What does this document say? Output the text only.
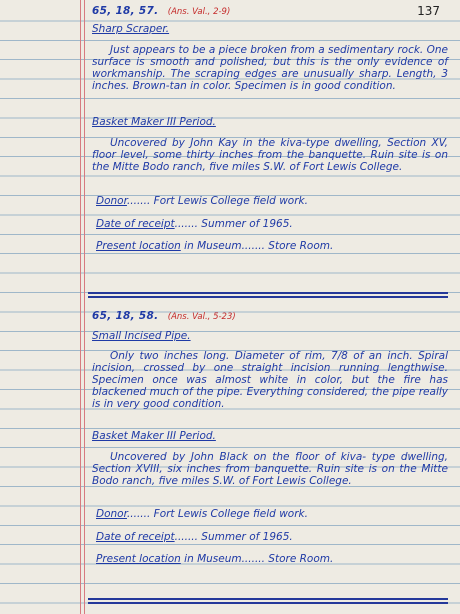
137
65, 18, 57. (Ans. Val., 2-9)
Sharp Scraper.
Just appears to be a piece broken from a sedimentary rock. One surface is smooth and polished, but this is the only evidence of workmanship. The scraping edges are unusually sharp. Length, 3 inches. Brown-tan in color. Specimen is in good condition.
Basket Maker III Period.
Uncovered by John Kay in the kiva-type dwelling, Section XV, floor level, some thirty inches from the banquette. Ruin site is on the Mitte Bodo ranch, five miles S.W. of Fort Lewis College.
Donor....... Fort Lewis College field work.
Date of receipt....... Summer of 1965.
Present location in Museum....... Store Room.
65, 18, 58. (Ans. Val., 5-23)
Small Incised Pipe.
Only two inches long. Diameter of rim, 7/8 of an inch. Spiral incision, crossed by one straight incision running lengthwise. Specimen once was almost white in color, but the fire has blackened much of the pipe. Everything considered, the pipe really is in very good condition.
Basket Maker III Period.
Uncovered by John Black on the floor of kiva- type dwelling, Section XVIII, six inches from banquette. Ruin site is on the Mitte Bodo ranch, five miles S.W. of Fort Lewis College.
Donor....... Fort Lewis College field work.
Date of receipt....... Summer of 1965.
Present location in Museum....... Store Room.
